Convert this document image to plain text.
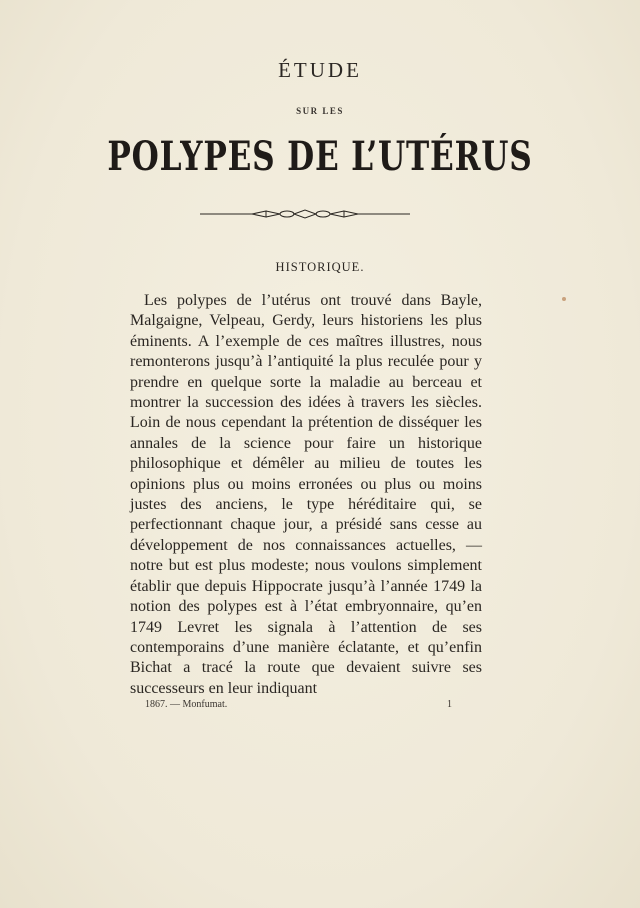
ÉTUDE
SUR LES
POLYPES DE L’UTÉRUS
HISTORIQUE.

Les polypes de l’utérus ont trouvé dans Bayle, Malgaigne, Velpeau, Gerdy, leurs historiens les plus éminents. A l’exemple de ces maîtres illustres, nous remonterons jusqu’à l’antiquité la plus reculée pour y prendre en quelque sorte la maladie au berceau et montrer la succession des idées à travers les siècles. Loin de nous cependant la prétention de disséquer les annales de la science pour faire un historique philosophique et démêler au milieu de toutes les opinions plus ou moins erronées ou plus ou moins justes des anciens, le type héréditaire qui, se perfectionnant chaque jour, a présidé sans cesse au développement de nos connaissances actuelles, — notre but est plus modeste; nous voulons simplement établir que depuis Hippocrate jusqu’à l’année 1749 la notion des polypes est à l’état embryonnaire, qu’en 1749 Levret les signala à l’attention de ses contemporains d’une manière éclatante, et qu’enfin Bichat a tracé la route que devaient suivre ses successeurs en leur indiquant

1867. — Monfumat.	1
